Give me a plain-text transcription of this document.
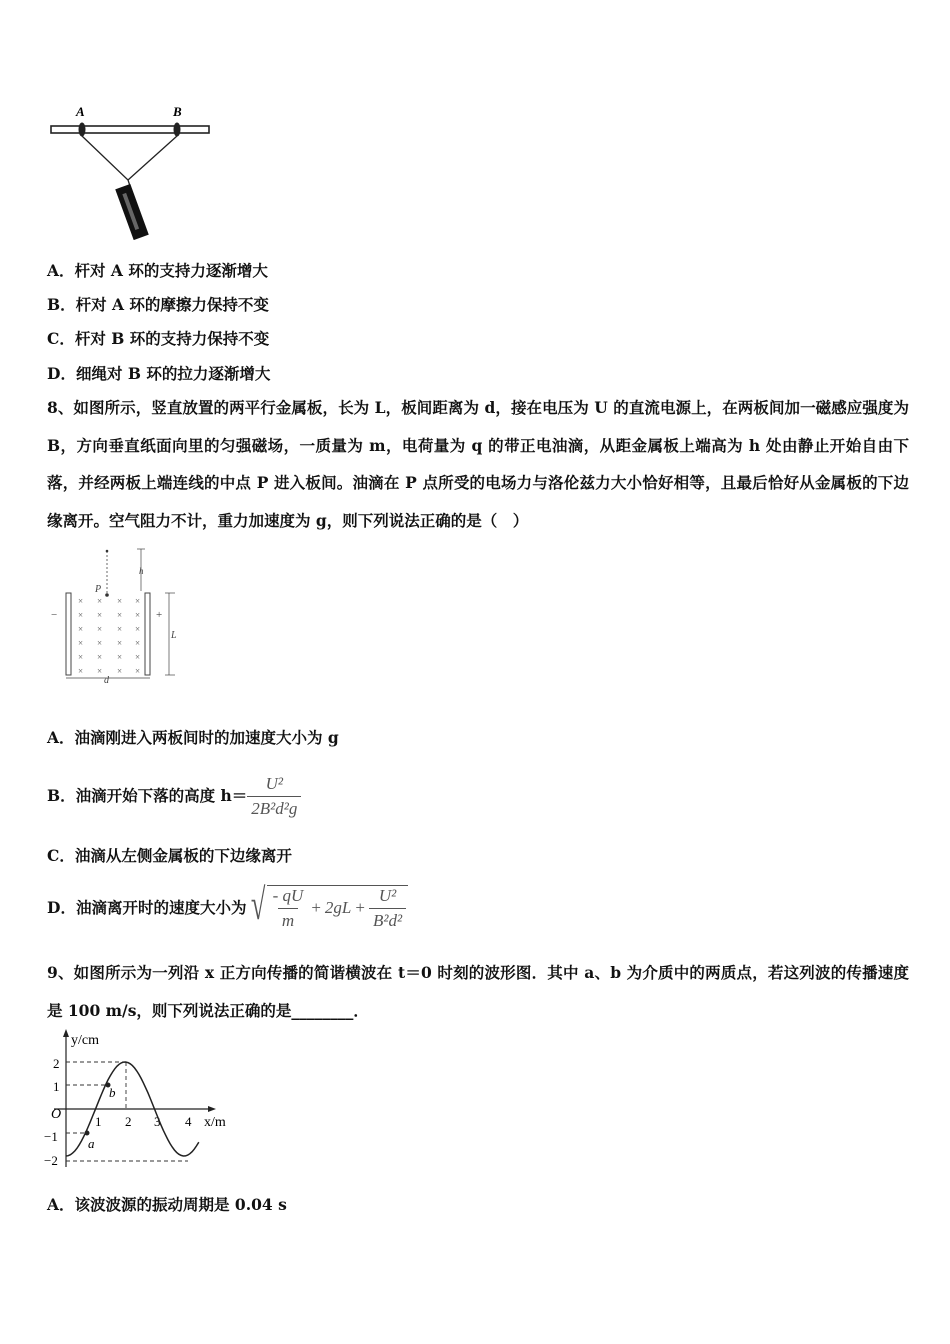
A	B
A．杆对 A 环的支持力逐渐增大
B．杆对 A 环的摩擦力保持不变
C．杆对 B 环的支持力保持不变
D．细绳对 B 环的拉力逐渐增大
8、如图所示，竖直放置的两平行金属板，长为 L，板间距离为 d，接在电压为 U 的直流电源上，在两板间加一磁感应强度为 B，方向垂直纸面向里的匀强磁场，一质量为 m，电荷量为 q 的带正电油滴，从距金属板上端高为 h 处由静止开始自由下落，并经两板上端连线的中点 P 进入板间。油滴在 P 点所受的电场力与洛伦兹力大小恰好相等，且最后恰好从金属板的下边缘离开。空气阻力不计，重力加速度为 g，则下列说法正确的是（　）
−	+
P
h
L
d
× × × ×
× × × ×
× × × ×
× × × ×
× × × ×
× × × ×
A．油滴刚进入两板间时的加速度大小为 g
B．油滴开始下落的高度 $h= \frac{\text{U²}}{\text{2B²d²g}}$
C．油滴从左侧金属板的下边缘离开
D．油滴离开时的速度大小为 √ $\frac{- qU}{m} + 2gL + \frac{\text{U²}}{\text{B²d²}}$
9、如图所示为一列沿 x 正方向传播的简谐横波在 t＝0 时刻的波形图．其中 a、b 为介质中的两质点，若这列波的传播速度是 100 m/s，则下列说法正确的是________．
y/cm
x/m
O
2
1
−1
−2
1 2 3 4
b
a
A．该波波源的振动周期是 0.04 s
